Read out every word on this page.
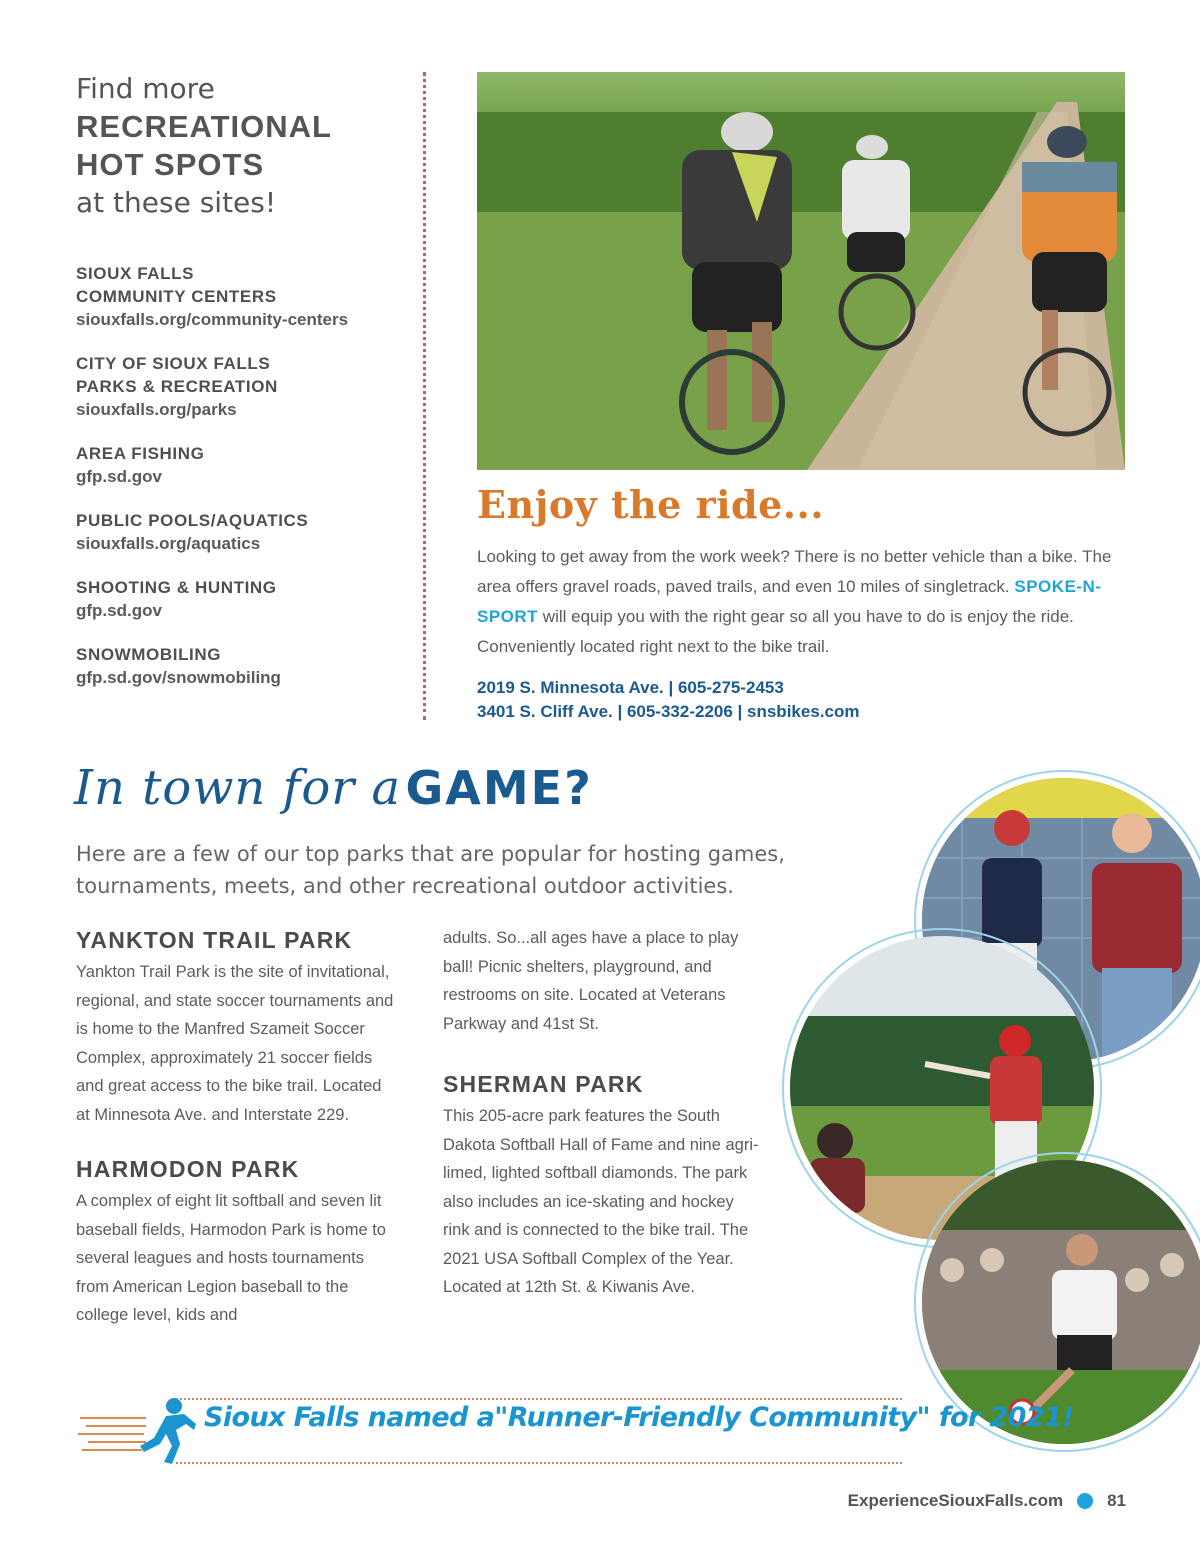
Find more
RECREATIONAL
HOT SPOTS
at these sites!
SIOUX FALLS
COMMUNITY CENTERS
siouxfalls.org/community-centers
CITY OF SIOUX FALLS
PARKS & RECREATION
siouxfalls.org/parks
AREA FISHING
gfp.sd.gov
PUBLIC POOLS/AQUATICS
siouxfalls.org/aquatics
SHOOTING & HUNTING
gfp.sd.gov
SNOWMOBILING
gfp.sd.gov/snowmobiling
Enjoy the ride...

Looking to get away from the work week? There is no better vehicle than a bike. The area offers gravel roads, paved trails, and even 10 miles of singletrack. SPOKE-N-SPORT will equip you with the right gear so all you have to do is enjoy the ride. Conveniently located right next to the bike trail.

2019 S. Minnesota Ave. | 605-275-2453
3401 S. Cliff Ave. | 605-332-2206 | snsbikes.com
In town for a GAME?

Here are a few of our top parks that are popular for hosting games, tournaments, meets, and other recreational outdoor activities.

YANKTON TRAIL PARK
Yankton Trail Park is the site of invitational, regional, and state soccer tournaments and is home to the Manfred Szameit Soccer Complex, approximately 21 soccer fields and great access to the bike trail. Located at Minnesota Ave. and Interstate 229.
HARMODON PARK
A complex of eight lit softball and seven lit baseball fields, Harmodon Park is home to several leagues and hosts tournaments from American Legion baseball to the college level, kids and
adults. So...all ages have a place to play ball! Picnic shelters, playground, and restrooms on site. Located at Veterans Parkway and 41st St.
SHERMAN PARK
This 205-acre park features the South Dakota Softball Hall of Fame and nine agri-limed, lighted softball diamonds. The park also includes an ice-skating and hockey rink and is connected to the bike trail. The 2021 USA Softball Complex of the Year. Located at 12th St. & Kiwanis Ave.
Sioux Falls named a"Runner-Friendly Community" for 2021!
ExperienceSiouxFalls.com	81
